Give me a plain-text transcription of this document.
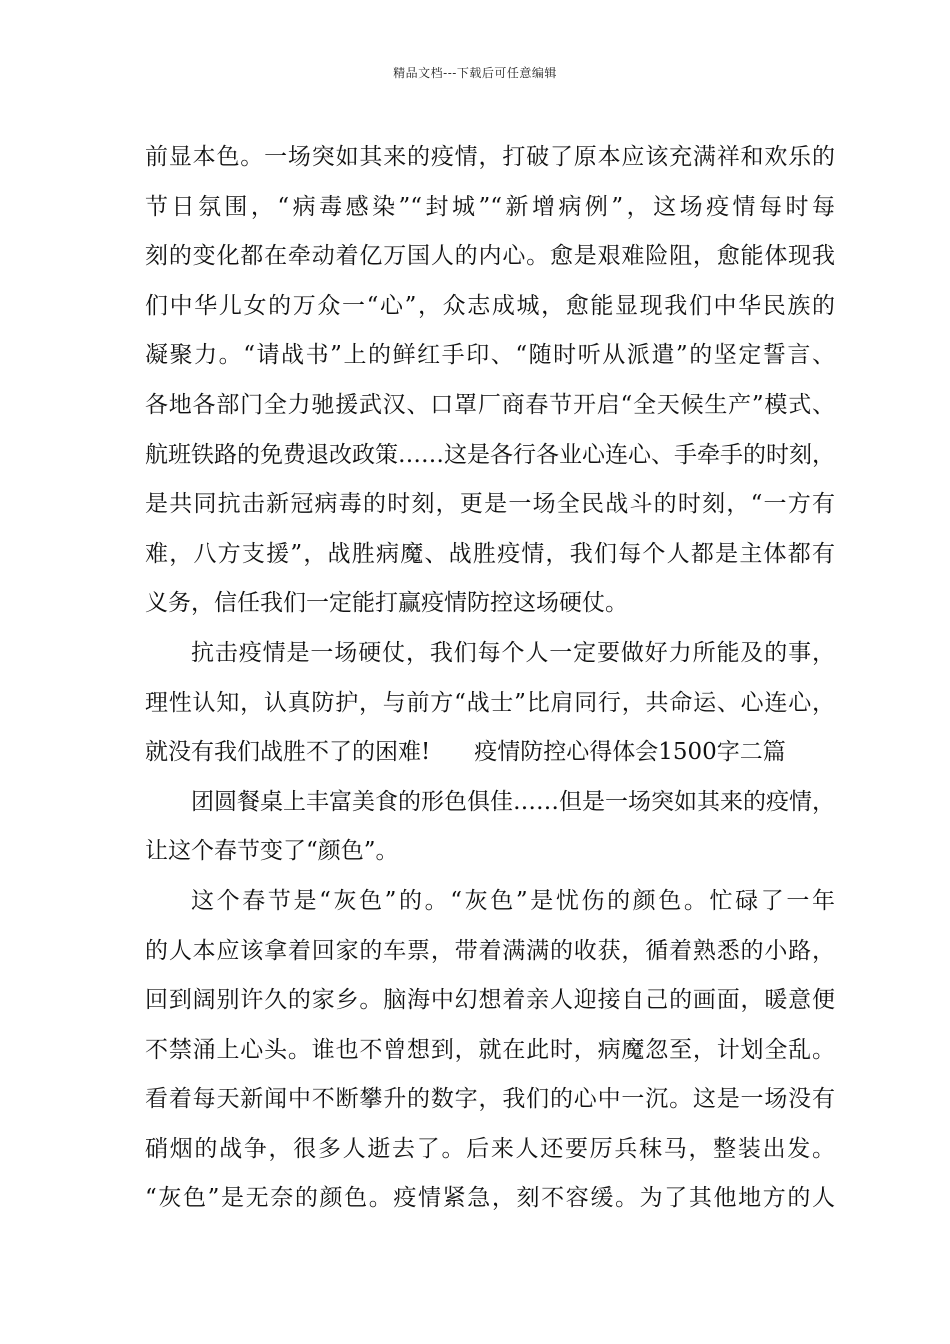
精品文档---下载后可任意编辑
前显本色。一场突如其来的疫情，打破了原本应该充满祥和欢乐的
节日氛围，“病毒感染”“封城”“新增病例”，这场疫情每时每
刻的变化都在牵动着亿万国人的内心。愈是艰难险阻，愈能体现我
们中华儿女的万众一“心”，众志成城，愈能显现我们中华民族的
凝聚力。“请战书”上的鲜红手印、“随时听从派遣”的坚定誓言、
各地各部门全力驰援武汉、口罩厂商春节开启“全天候生产”模式、
航班铁路的免费退改政策……这是各行各业心连心、手牵手的时刻，
是共同抗击新冠病毒的时刻，更是一场全民战斗的时刻，“一方有
难，八方支援”，战胜病魔、战胜疫情，我们每个人都是主体都有
义务，信任我们一定能打赢疫情防控这场硬仗。
抗击疫情是一场硬仗，我们每个人一定要做好力所能及的事，
理性认知，认真防护，与前方“战士”比肩同行，共命运、心连心，
就没有我们战胜不了的困难! 疫情防控心得体会1500字二篇
团圆餐桌上丰富美食的形色俱佳……但是一场突如其来的疫情，
让这个春节变了“颜色”。
这个春节是“灰色”的。“灰色”是忧伤的颜色。忙碌了一年
的人本应该拿着回家的车票，带着满满的收获，循着熟悉的小路，
回到阔别许久的家乡。脑海中幻想着亲人迎接自己的画面，暖意便
不禁涌上心头。谁也不曾想到，就在此时，病魔忽至，计划全乱。
看着每天新闻中不断攀升的数字，我们的心中一沉。这是一场没有
硝烟的战争，很多人逝去了。后来人还要厉兵秣马，整装出发。
“灰色”是无奈的颜色。疫情紧急，刻不容缓。为了其他地方的人
